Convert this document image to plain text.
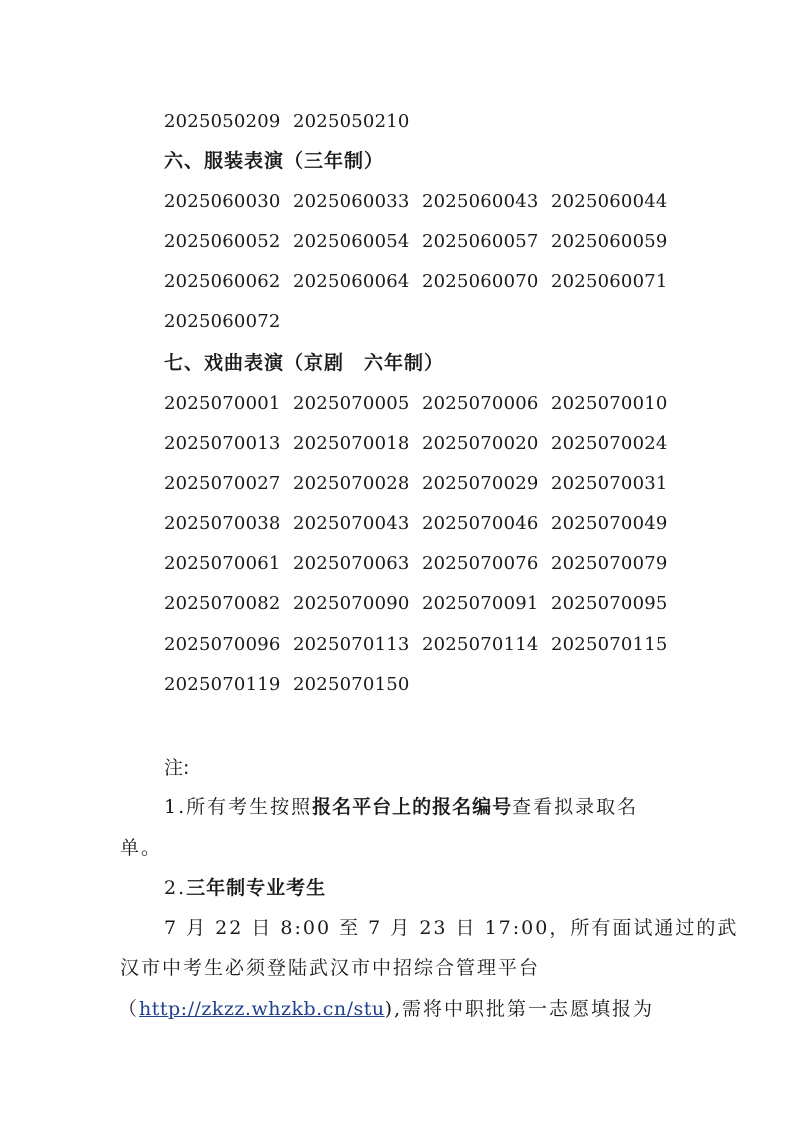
2025050209 2025050210
六、服装表演（三年制）
2025060030 2025060033 2025060043 2025060044
2025060052 2025060054 2025060057 2025060059
2025060062 2025060064 2025060070 2025060071
2025060072
七、戏曲表演（京剧　六年制）
2025070001 2025070005 2025070006 2025070010
2025070013 2025070018 2025070020 2025070024
2025070027 2025070028 2025070029 2025070031
2025070038 2025070043 2025070046 2025070049
2025070061 2025070063 2025070076 2025070079
2025070082 2025070090 2025070091 2025070095
2025070096 2025070113 2025070114 2025070115
2025070119 2025070150
注:
1.所有考生按照报名平台上的报名编号查看拟录取名
单。
2.三年制专业考生
7 月 22 日 8:00 至 7 月 23 日 17:00，所有面试通过的武
汉市中考生必须登陆武汉市中招综合管理平台
（http://zkzz.whzkb.cn/stu),需将中职批第一志愿填报为
